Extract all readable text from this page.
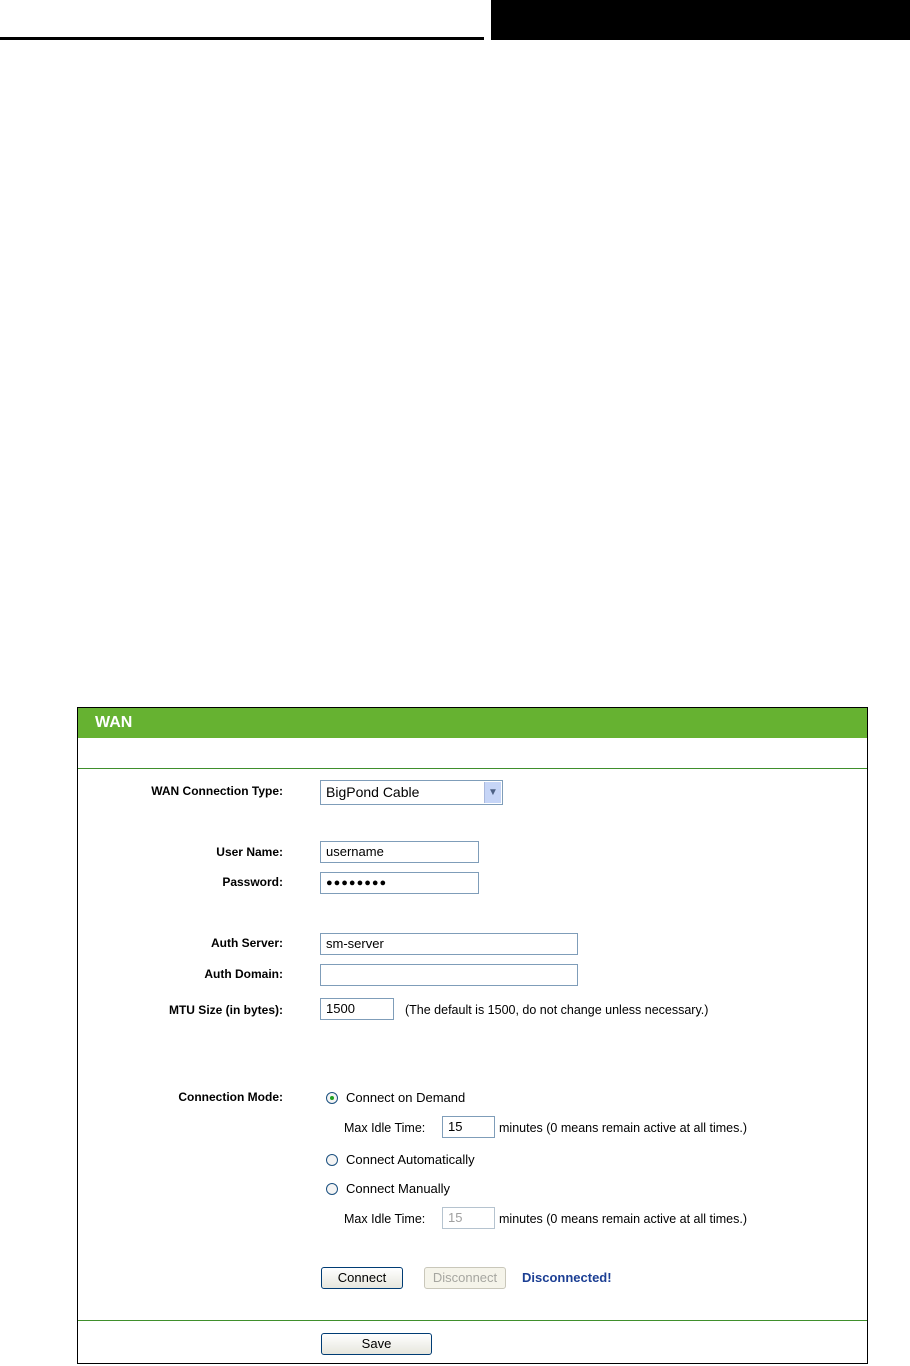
WAN
WAN Connection Type:	BigPond Cable	▼
User Name:	username
Password:	●●●●●●●●
Auth Server:	sm-server
Auth Domain:
MTU Size (in bytes):	1500	(The default is 1500, do not change unless necessary.)
Connection Mode:	Connect on Demand
Max Idle Time:	15	minutes (0 means remain active at all times.)
Connect Automatically
Connect Manually
Max Idle Time:	15	minutes (0 means remain active at all times.)
Connect	Disconnect	Disconnected!
Save
